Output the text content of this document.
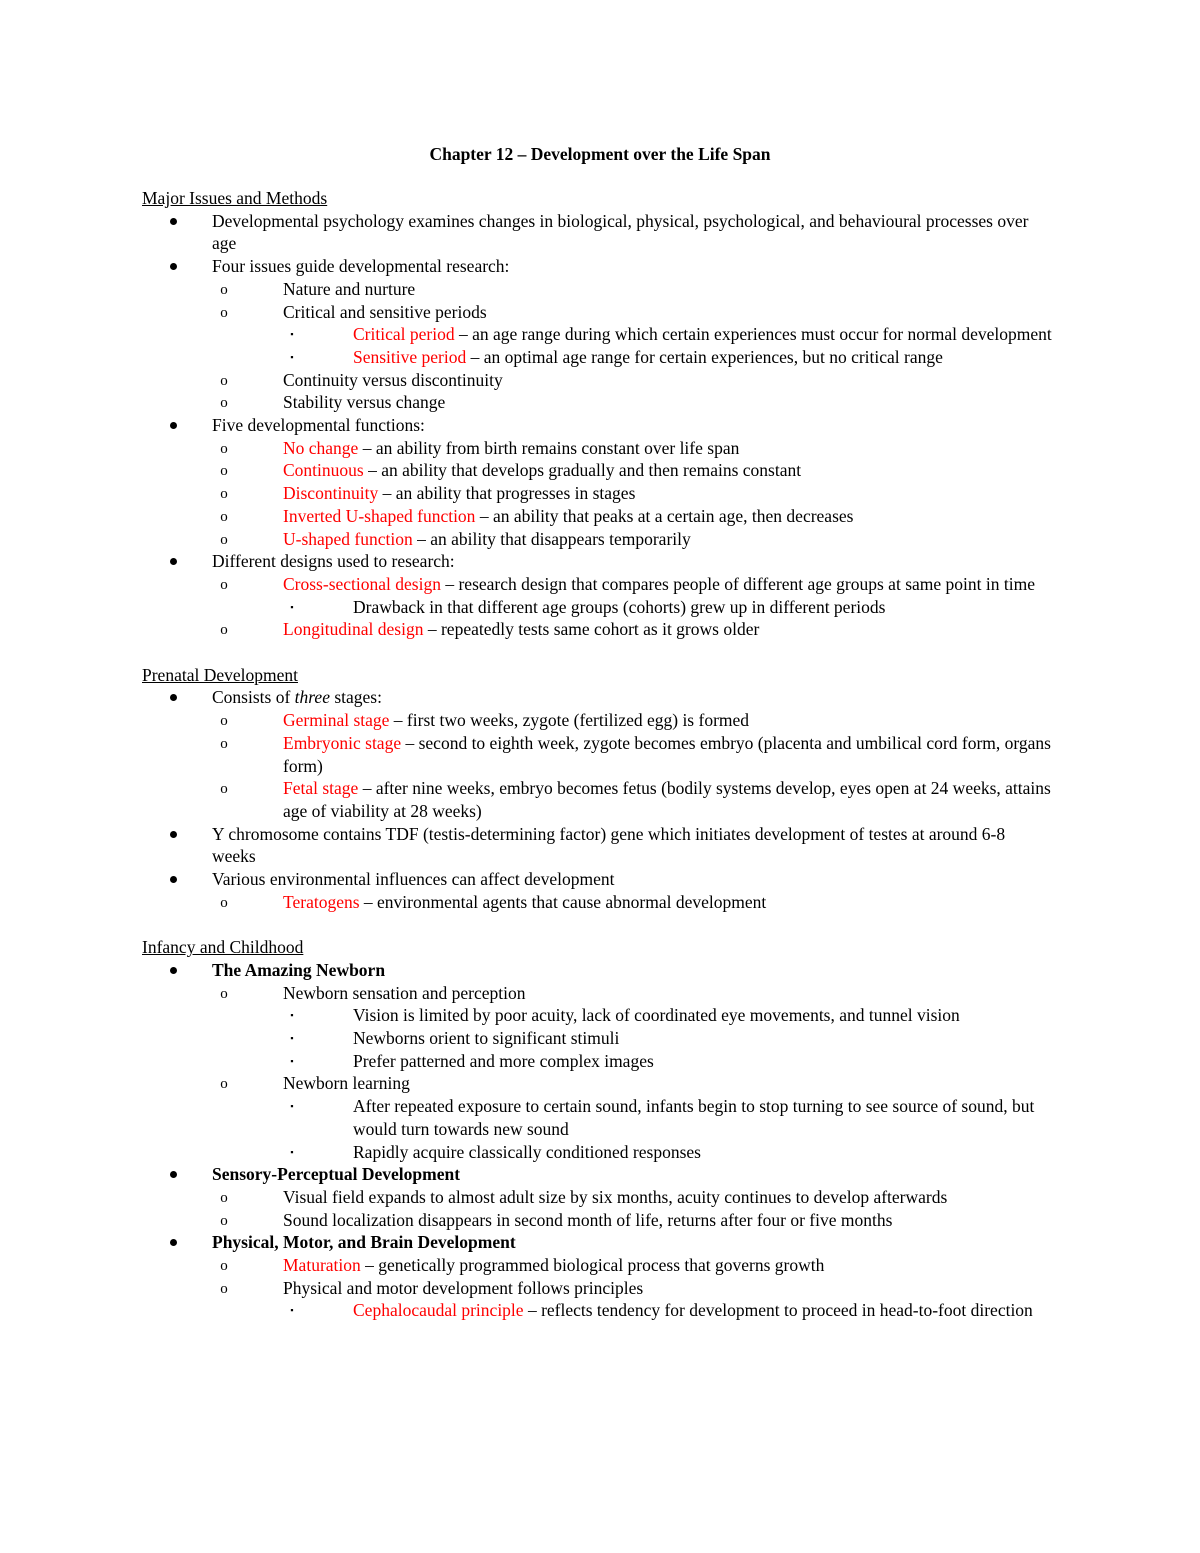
Chapter 12 – Development over the Life Span
Major Issues and Methods
Developmental psychology examines changes in biological, physical, psychological, and behavioural processes over age
Four issues guide developmental research:
o	Nature and nurture
o	Critical and sensitive periods
▪	Critical period – an age range during which certain experiences must occur for normal development
▪	Sensitive period – an optimal age range for certain experiences, but no critical range
o	Continuity versus discontinuity
o	Stability versus change
Five developmental functions:
o	No change – an ability from birth remains constant over life span
o	Continuous – an ability that develops gradually and then remains constant
o	Discontinuity – an ability that progresses in stages
o	Inverted U-shaped function – an ability that peaks at a certain age, then decreases
o	U-shaped function – an ability that disappears temporarily
Different designs used to research:
o	Cross-sectional design – research design that compares people of different age groups at same point in time
▪	Drawback in that different age groups (cohorts) grew up in different periods
o	Longitudinal design – repeatedly tests same cohort as it grows older
Prenatal Development
Consists of three stages:
o	Germinal stage – first two weeks, zygote (fertilized egg) is formed
o	Embryonic stage – second to eighth week, zygote becomes embryo (placenta and umbilical cord form, organs form)
o	Fetal stage – after nine weeks, embryo becomes fetus (bodily systems develop, eyes open at 24 weeks, attains age of viability at 28 weeks)
Y chromosome contains TDF (testis-determining factor) gene which initiates development of testes at around 6-8 weeks
Various environmental influences can affect development
o	Teratogens – environmental agents that cause abnormal development
Infancy and Childhood
The Amazing Newborn
o	Newborn sensation and perception
▪	Vision is limited by poor acuity, lack of coordinated eye movements, and tunnel vision
▪	Newborns orient to significant stimuli
▪	Prefer patterned and more complex images
o	Newborn learning
▪	After repeated exposure to certain sound, infants begin to stop turning to see source of sound, but would turn towards new sound
▪	Rapidly acquire classically conditioned responses
Sensory-Perceptual Development
o	Visual field expands to almost adult size by six months, acuity continues to develop afterwards
o	Sound localization disappears in second month of life, returns after four or five months
Physical, Motor, and Brain Development
o	Maturation – genetically programmed biological process that governs growth
o	Physical and motor development follows principles
▪	Cephalocaudal principle – reflects tendency for development to proceed in head-to-foot direction
